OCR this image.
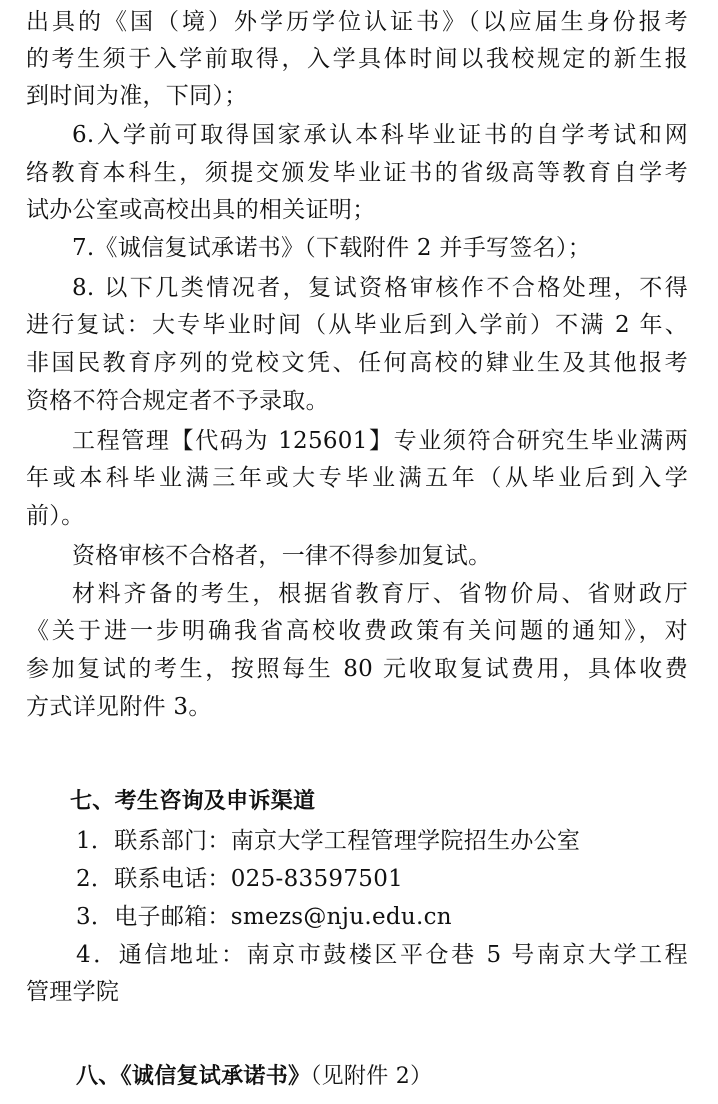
出具的《国（境）外学历学位认证书》（以应届生身份报考
的考生须于入学前取得，入学具体时间以我校规定的新生报
到时间为准，下同）；
6.入学前可取得国家承认本科毕业证书的自学考试和网
络教育本科生，须提交颁发毕业证书的省级高等教育自学考
试办公室或高校出具的相关证明；
7.《诚信复试承诺书》（下载附件 2 并手写签名）；
8. 以下几类情况者，复试资格审核作不合格处理，不得
进行复试：大专毕业时间（从毕业后到入学前）不满 2 年、
非国民教育序列的党校文凭、任何高校的肄业生及其他报考
资格不符合规定者不予录取。
工程管理【代码为 125601】专业须符合研究生毕业满两
年或本科毕业满三年或大专毕业满五年（从毕业后到入学
前）。
资格审核不合格者，一律不得参加复试。
材料齐备的考生，根据省教育厅、省物价局、省财政厅
《关于进一步明确我省高校收费政策有关问题的通知》，对
参加复试的考生，按照每生 80 元收取复试费用，具体收费
方式详见附件 3。
七、考生咨询及申诉渠道
1．联系部门：南京大学工程管理学院招生办公室
2．联系电话：025-83597501
3．电子邮箱：smezs@nju.edu.cn
4．通信地址：南京市鼓楼区平仓巷 5 号南京大学工程
管理学院
八、《诚信复试承诺书》（见附件 2）
